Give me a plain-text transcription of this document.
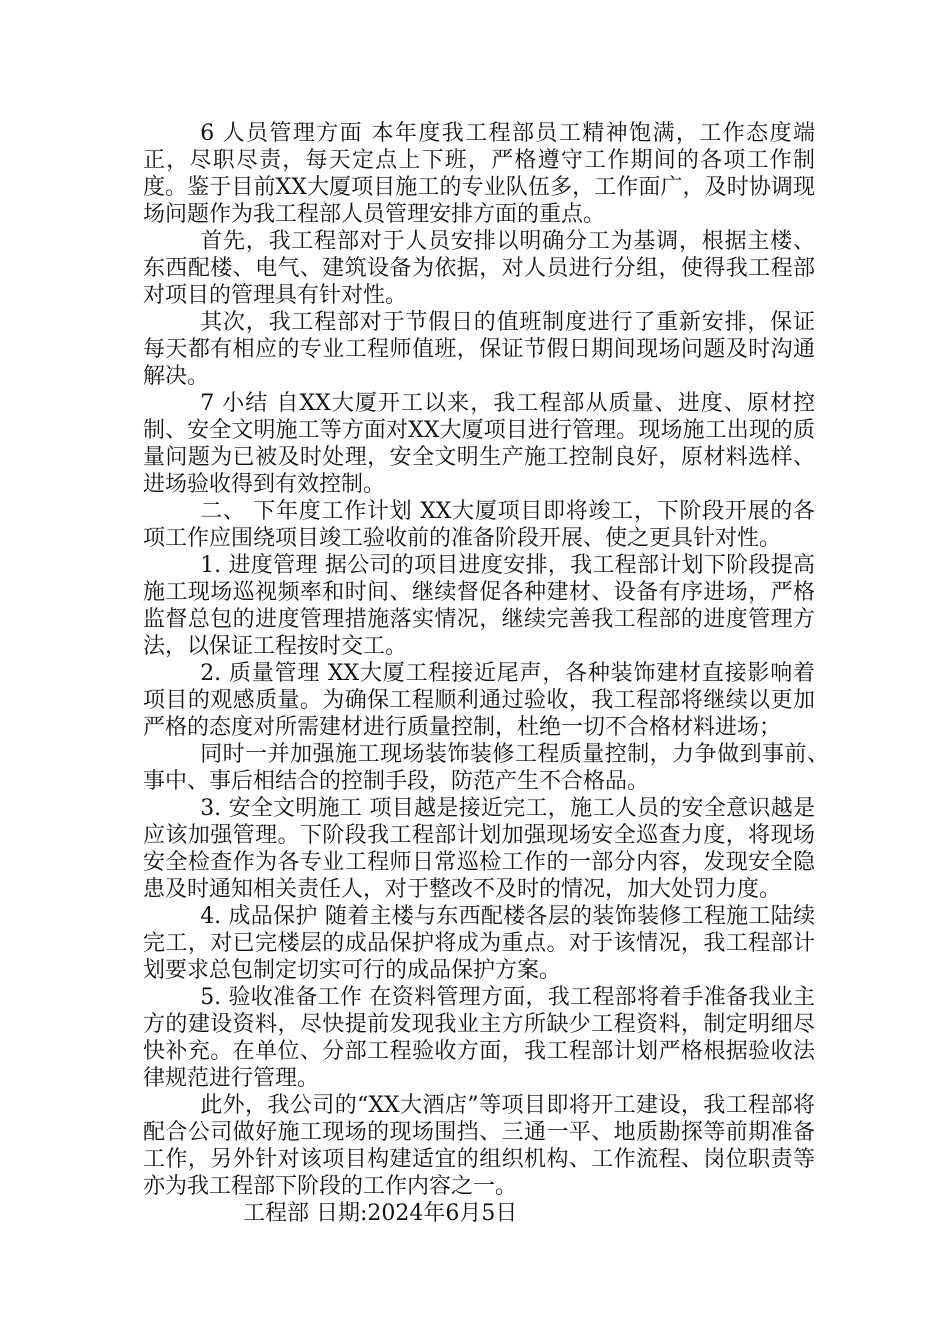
6 人员管理方面 本年度我工程部员工精神饱满，工作态度端正，尽职尽责，每天定点上下班，严格遵守工作期间的各项工作制度。鉴于目前XX大厦项目施工的专业队伍多，工作面广，及时协调现场问题作为我工程部人员管理安排方面的重点。

首先，我工程部对于人员安排以明确分工为基调，根据主楼、东西配楼、电气、建筑设备为依据，对人员进行分组，使得我工程部对项目的管理具有针对性。

其次，我工程部对于节假日的值班制度进行了重新安排，保证每天都有相应的专业工程师值班，保证节假日期间现场问题及时沟通解决。

7 小结 自XX大厦开工以来，我工程部从质量、进度、原材控制、安全文明施工等方面对XX大厦项目进行管理。现场施工出现的质量问题为已被及时处理，安全文明生产施工控制良好，原材料选样、进场验收得到有效控制。

二、 下年度工作计划 XX大厦项目即将竣工，下阶段开展的各项工作应围绕项目竣工验收前的准备阶段开展、使之更具针对性。

1. 进度管理 据公司的项目进度安排，我工程部计划下阶段提高施工现场巡视频率和时间、继续督促各种建材、设备有序进场，严格监督总包的进度管理措施落实情况，继续完善我工程部的进度管理方法，以保证工程按时交工。

2. 质量管理 XX大厦工程接近尾声，各种装饰建材直接影响着项目的观感质量。为确保工程顺利通过验收，我工程部将继续以更加严格的态度对所需建材进行质量控制，杜绝一切不合格材料进场；

同时一并加强施工现场装饰装修工程质量控制，力争做到事前、事中、事后相结合的控制手段，防范产生不合格品。

3. 安全文明施工 项目越是接近完工，施工人员的安全意识越是应该加强管理。下阶段我工程部计划加强现场安全巡查力度，将现场安全检查作为各专业工程师日常巡检工作的一部分内容，发现安全隐患及时通知相关责任人，对于整改不及时的情况，加大处罚力度。

4. 成品保护 随着主楼与东西配楼各层的装饰装修工程施工陆续完工，对已完楼层的成品保护将成为重点。对于该情况，我工程部计划要求总包制定切实可行的成品保护方案。

5. 验收准备工作 在资料管理方面，我工程部将着手准备我业主方的建设资料，尽快提前发现我业主方所缺少工程资料，制定明细尽快补充。在单位、分部工程验收方面，我工程部计划严格根据验收法律规范进行管理。

此外，我公司的“XX大酒店”等项目即将开工建设，我工程部将配合公司做好施工现场的现场围挡、三通一平、地质勘探等前期准备工作，另外针对该项目构建适宜的组织机构、工作流程、岗位职责等亦为我工程部下阶段的工作内容之一。

工程部 日期:2024年6月5日
